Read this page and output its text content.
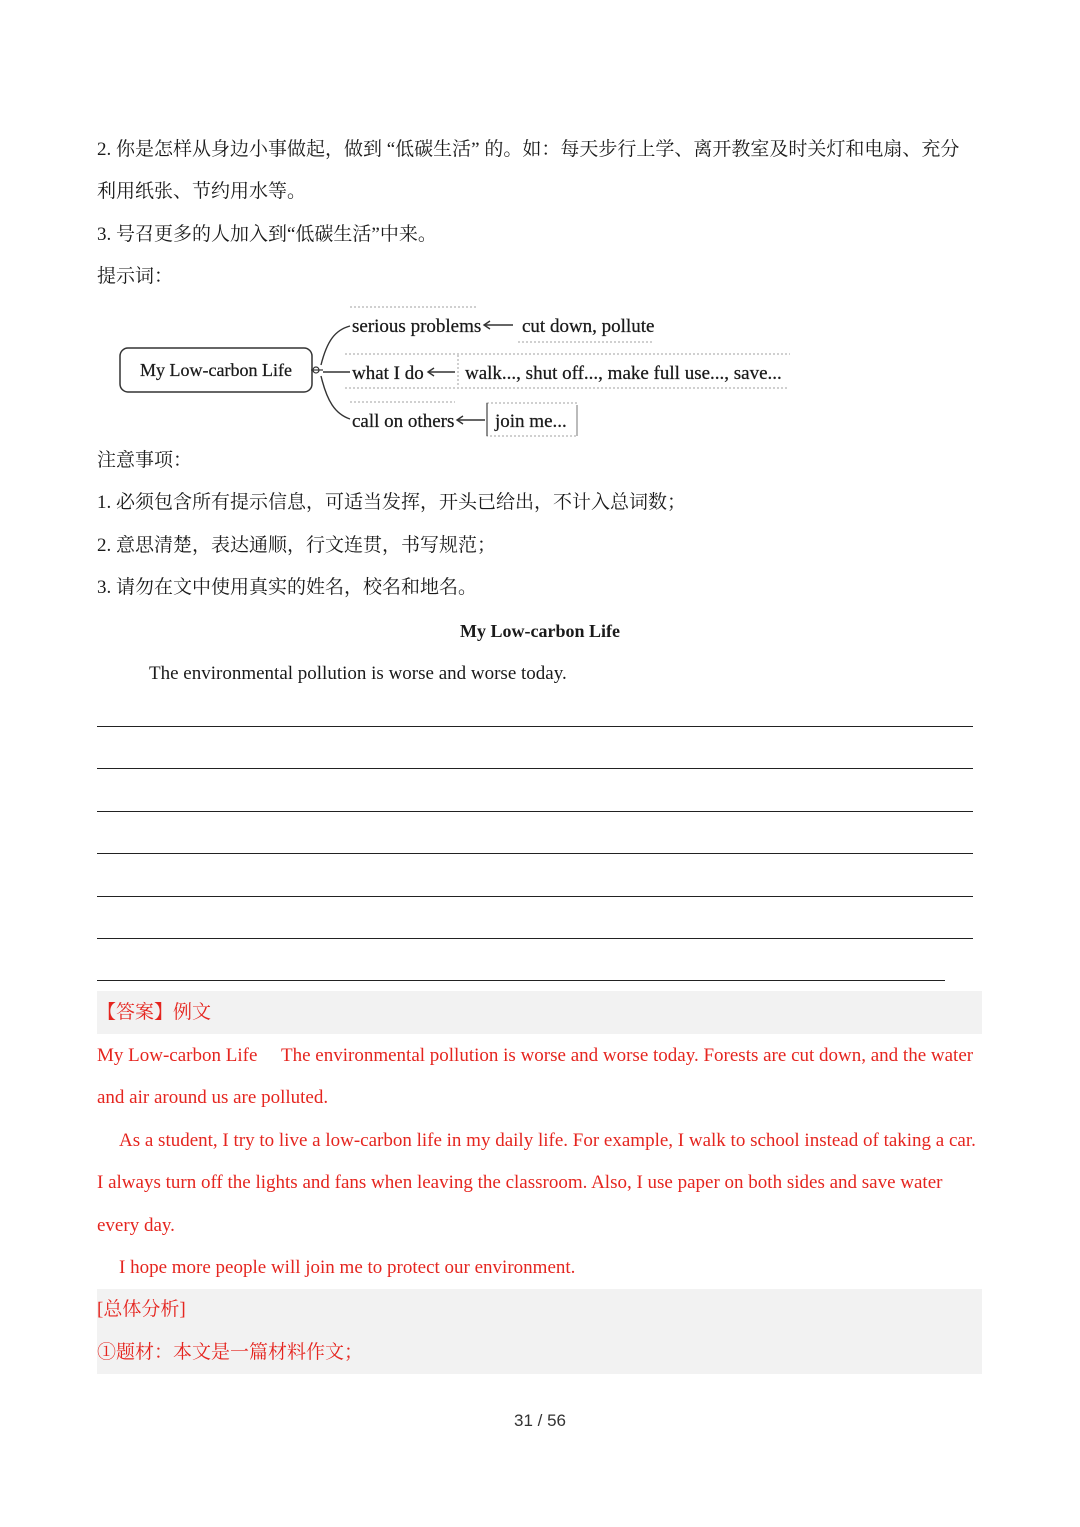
2. 你是怎样从身边小事做起，做到 “低碳生活” 的。如：每天步行上学、离开教室及时关灯和电扇、充分
利用纸张、节约用水等。
3. 号召更多的人加入到“低碳生活”中来。
提示词：
My Low-carbon Life
serious problems
what I do
call on others
cut down, pollute
walk..., shut off..., make full use..., save...
join me...
注意事项：
1. 必须包含所有提示信息，可适当发挥，开头已给出，不计入总词数；
2. 意思清楚，表达通顺，行文连贯，书写规范；
3. 请勿在文中使用真实的姓名，校名和地名。
My Low-carbon Life
The environmental pollution is worse and worse today.
【答案】例文
My Low-carbon Life The environmental pollution is worse and worse today. Forests are cut down, and the water
and air around us are polluted.
As a student, I try to live a low-carbon life in my daily life. For example, I walk to school instead of taking a car.
I always turn off the lights and fans when leaving the classroom. Also, I use paper on both sides and save water
every day.
I hope more people will join me to protect our environment.
[总体分析]
①题材：本文是一篇材料作文；
31 / 56
